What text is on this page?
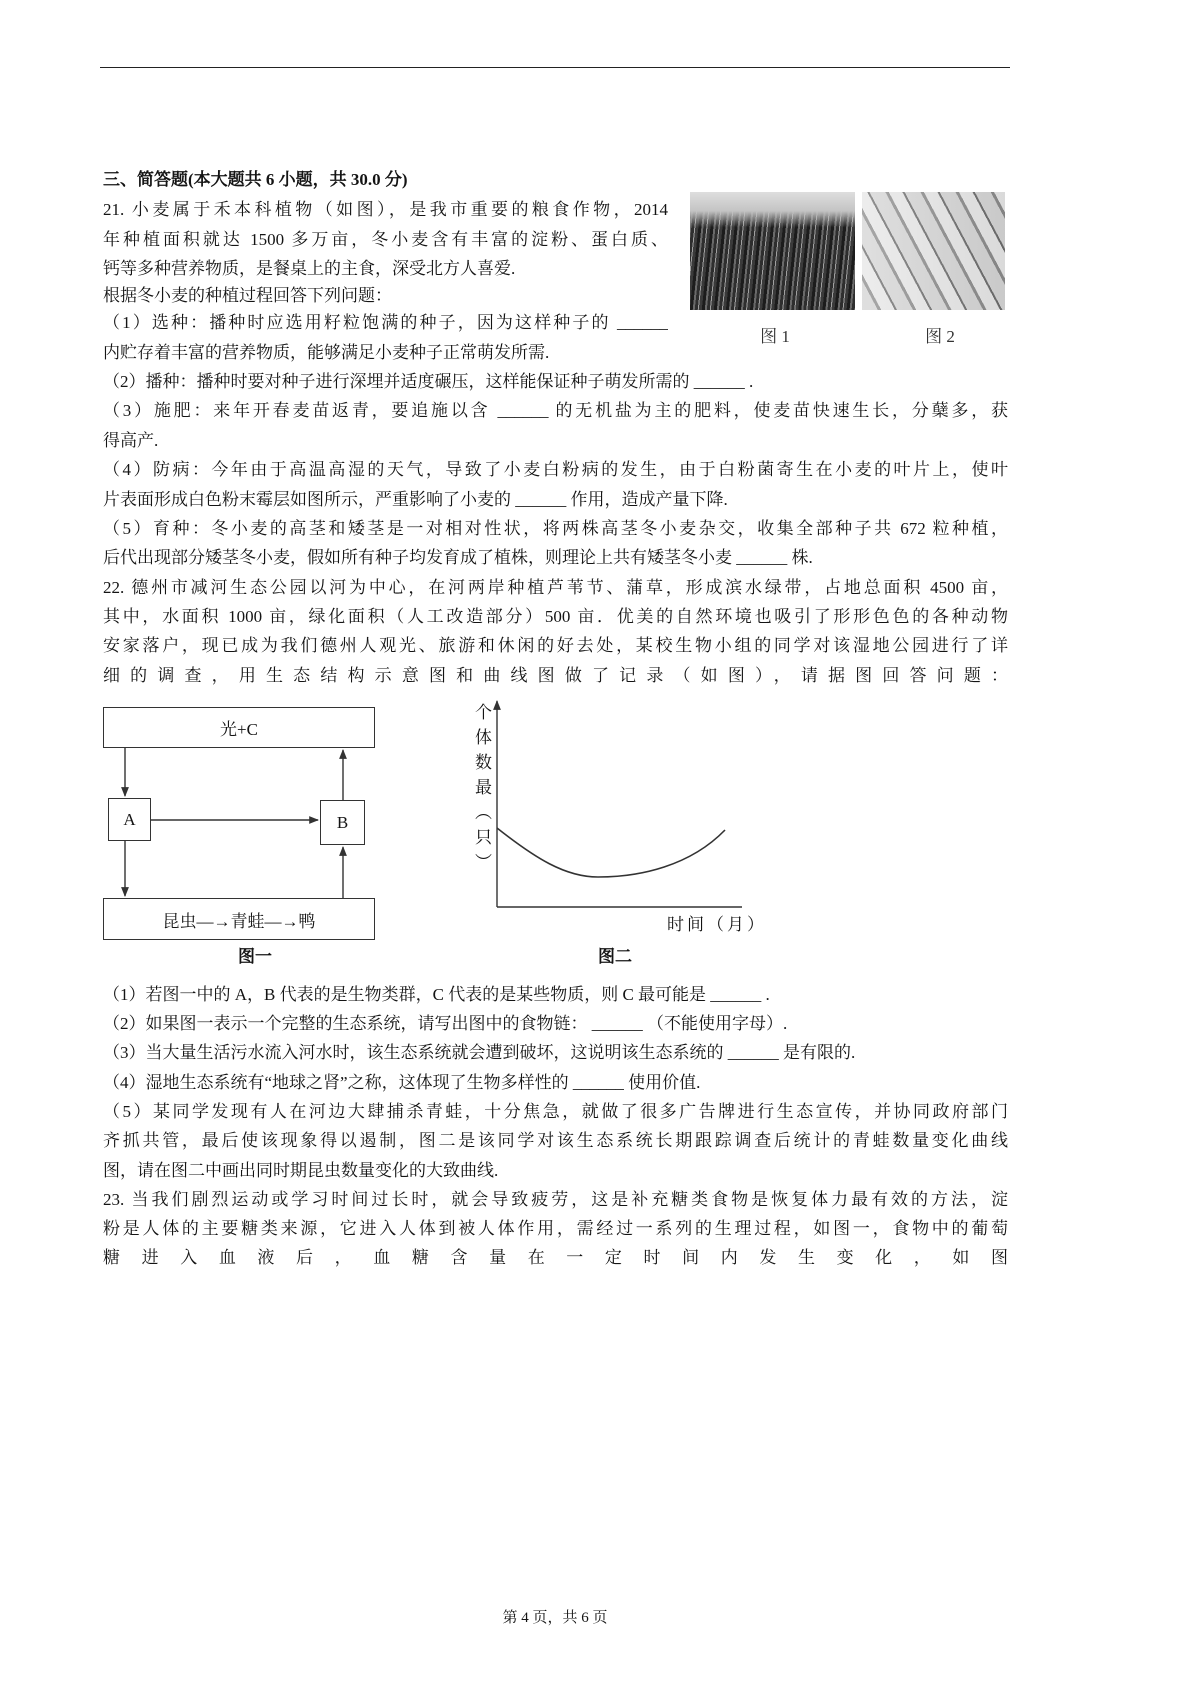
三、简答题(本大题共 6 小题，共 30.0 分)
21. 小麦属于禾本科植物（如图），是我市重要的粮食作物，2014
年种植面积就达 1500 多万亩，冬小麦含有丰富的淀粉、蛋白质、
钙等多种营养物质，是餐桌上的主食，深受北方人喜爱.
根据冬小麦的种植过程回答下列问题：
（1）选种：播种时应选用籽粒饱满的种子，因为这样种子的 ______
内贮存着丰富的营养物质，能够满足小麦种子正常萌发所需.
（2）播种：播种时要对种子进行深埋并适度碾压，这样能保证种子萌发所需的 ______ .
（3）施肥：来年开春麦苗返青，要追施以含 ______ 的无机盐为主的肥料，使麦苗快速生长，分蘖多，获
得高产.
（4）防病：今年由于高温高湿的天气，导致了小麦白粉病的发生，由于白粉菌寄生在小麦的叶片上，使叶
片表面形成白色粉末霉层如图所示，严重影响了小麦的 ______ 作用，造成产量下降.
（5）育种：冬小麦的高茎和矮茎是一对相对性状，将两株高茎冬小麦杂交，收集全部种子共 672 粒种植，
后代出现部分矮茎冬小麦，假如所有种子均发育成了植株，则理论上共有矮茎冬小麦 ______ 株.
图 1	图 2
22. 德州市减河生态公园以河为中心，在河两岸种植芦苇节、蒲草，形成滨水绿带，占地总面积 4500 亩，
其中，水面积 1000 亩，绿化面积（人工改造部分）500 亩．优美的自然环境也吸引了形形色色的各种动物
安家落户，现已成为我们德州人观光、旅游和休闲的好去处，某校生物小组的同学对该湿地公园进行了详
细的调查，用生态结构示意图和曲线图做了记录（如图），请据图回答问题：
光+C
A	B
昆虫—→青蛙—→鸭
图一
个体数最（只）
时间（月）
图二
（1）若图一中的 A，B 代表的是生物类群，C 代表的是某些物质，则 C 最可能是 ______ .
（2）如果图一表示一个完整的生态系统，请写出图中的食物链： ______ （不能使用字母）.
（3）当大量生活污水流入河水时，该生态系统就会遭到破坏，这说明该生态系统的 ______ 是有限的.
（4）湿地生态系统有“地球之肾”之称，这体现了生物多样性的 ______ 使用价值.
（5）某同学发现有人在河边大肆捕杀青蛙，十分焦急，就做了很多广告牌进行生态宣传，并协同政府部门
齐抓共管，最后使该现象得以遏制，图二是该同学对该生态系统长期跟踪调查后统计的青蛙数量变化曲线
图，请在图二中画出同时期昆虫数量变化的大致曲线.
23. 当我们剧烈运动或学习时间过长时，就会导致疲劳，这是补充糖类食物是恢复体力最有效的方法，淀
粉是人体的主要糖类来源，它进入人体到被人体作用，需经过一系列的生理过程，如图一，食物中的葡萄
糖进入血液后，血糖含量在一定时间内发生变化，如图
第 4 页，共 6 页
